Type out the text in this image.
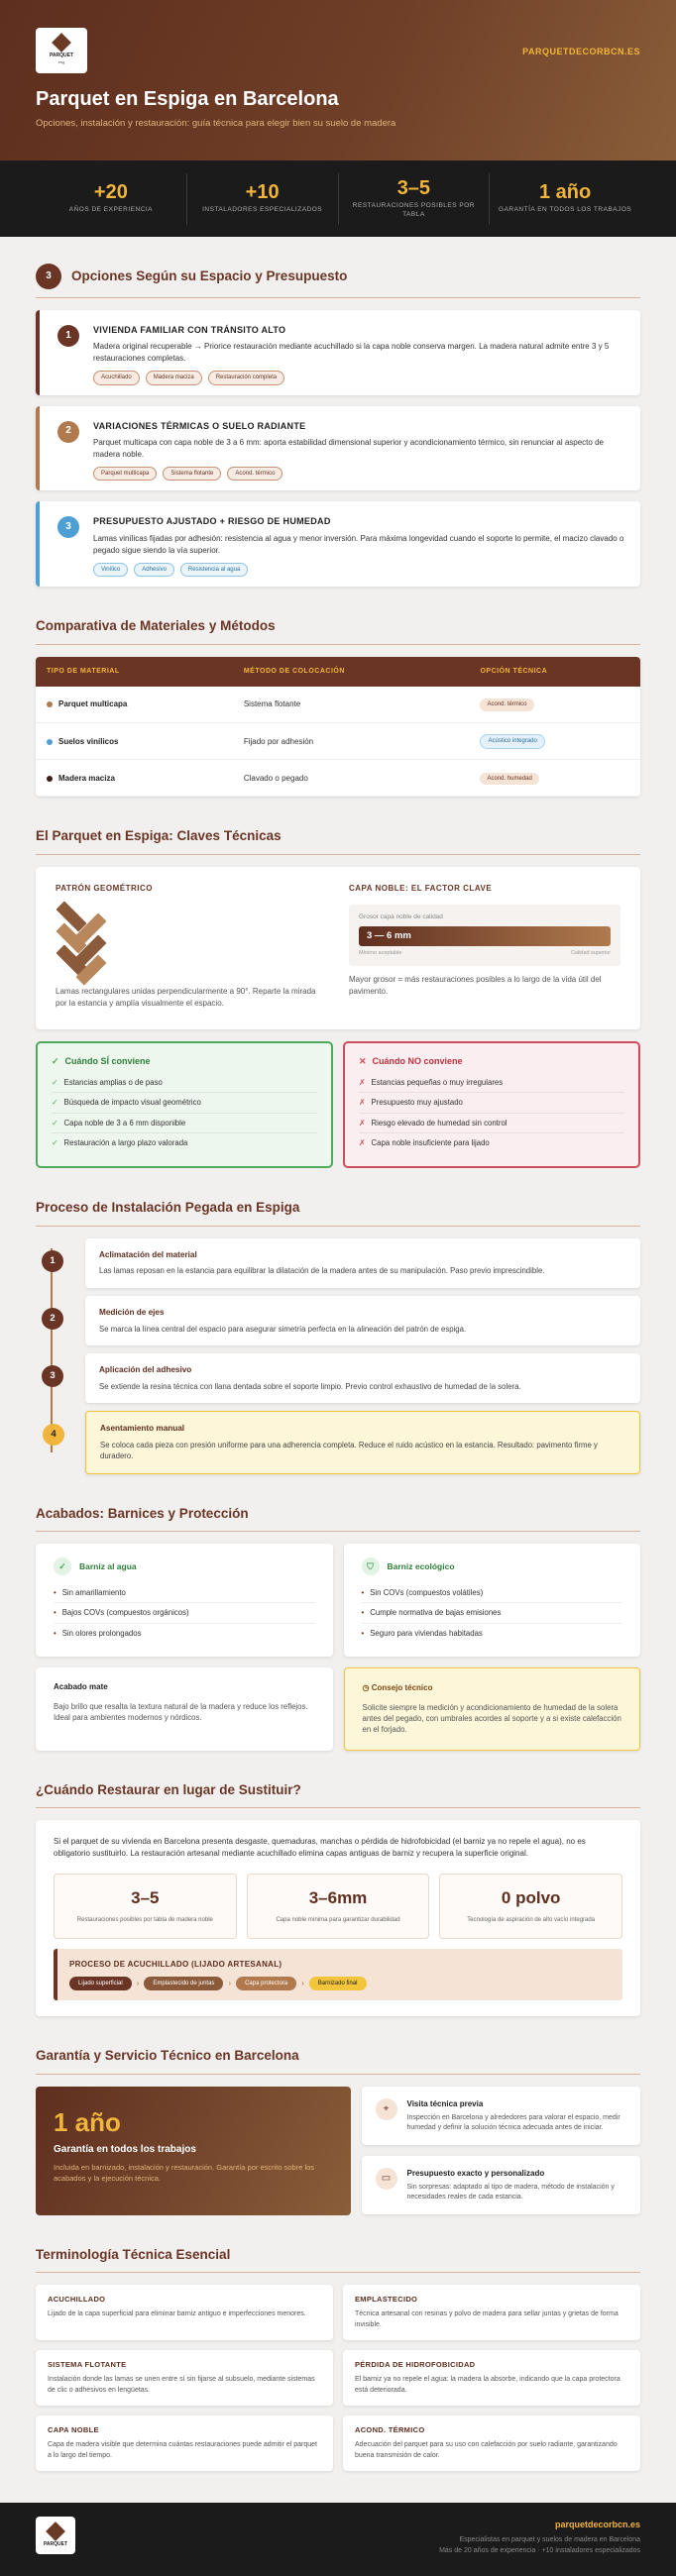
PARQUET
esg
PARQUETDECORBCN.ES
Parquet en Espiga en Barcelona

Opciones, instalación y restauración: guía técnica para elegir bien su suelo de madera

+20
AÑOS DE EXPERIENCIA
+10
INSTALADORES ESPECIALIZADOS
3–5
RESTAURACIONES POSIBLES POR TABLA
1 año
GARANTÍA EN TODOS LOS TRABAJOS
3	Opciones Según su Espacio y Presupuesto
1	VIVIENDA FAMILIAR CON TRÁNSITO ALTO
Madera original recuperable → Priorice restauración mediante acuchillado si la capa noble conserva margen. La madera natural admite entre 3 y 5 restauraciones completas.
Acuchillado	Madera maciza	Restauración completa
2	VARIACIONES TÉRMICAS O SUELO RADIANTE
Parquet multicapa con capa noble de 3 a 6 mm: aporta estabilidad dimensional superior y acondicionamiento térmico, sin renunciar al aspecto de madera noble.
Parquet multicapa	Sistema flotante	Acond. térmico
3	PRESUPUESTO AJUSTADO + RIESGO DE HUMEDAD
Lamas vinílicas fijadas por adhesión: resistencia al agua y menor inversión. Para máxima longevidad cuando el soporte lo permite, el macizo clavado o pegado sigue siendo la vía superior.
Vinílico	Adhesivo	Resistencia al agua
Comparativa de Materiales y Métodos
TIPO DE MATERIAL	MÉTODO DE COLOCACIÓN	OPCIÓN TÉCNICA
Parquet multicapa	Sistema flotante	Acond. térmico
Suelos vinílicos	Fijado por adhesión	Acústico integrado
Madera maciza	Clavado o pegado	Acond. humedad
El Parquet en Espiga: Claves Técnicas
PATRÓN GEOMÉTRICO
Lamas rectangulares unidas perpendicularmente a 90°. Reparte la mirada por la estancia y amplía visualmente el espacio.
CAPA NOBLE: EL FACTOR CLAVE
Grosor capa noble de calidad
3 — 6 mm
Mínimo aceptable	Calidad superior
Mayor grosor = más restauraciones posibles a lo largo de la vida útil del pavimento.
✓ Cuándo SÍ conviene
✓ Estancias amplias o de paso
✓ Búsqueda de impacto visual geométrico
✓ Capa noble de 3 a 6 mm disponible
✓ Restauración a largo plazo valorada
✕ Cuándo NO conviene
✗ Estancias pequeñas o muy irregulares
✗ Presupuesto muy ajustado
✗ Riesgo elevado de humedad sin control
✗ Capa noble insuficiente para lijado
Proceso de Instalación Pegada en Espiga
1
Aclimatación del material
Las lamas reposan en la estancia para equilibrar la dilatación de la madera antes de su manipulación. Paso previo imprescindible.
2
Medición de ejes
Se marca la línea central del espacio para asegurar simetría perfecta en la alineación del patrón de espiga.
3
Aplicación del adhesivo
Se extiende la resina técnica con llana dentada sobre el soporte limpio. Previo control exhaustivo de humedad de la solera.
4
Asentamiento manual
Se coloca cada pieza con presión uniforme para una adherencia completa. Reduce el ruido acústico en la estancia. Resultado: pavimento firme y duradero.
Acabados: Barnices y Protección
✓	Barniz al agua
• Sin amarillamiento
• Bajos COVs (compuestos orgánicos)
• Sin olores prolongados
⛉	Barniz ecológico
• Sin COVs (compuestos volátiles)
• Cumple normativa de bajas emisiones
• Seguro para viviendas habitadas
Acabado mate
Bajo brillo que resalta la textura natural de la madera y reduce los reflejos. Ideal para ambientes modernos y nórdicos.
◷ Consejo técnico
Solicite siempre la medición y acondicionamiento de humedad de la solera antes del pegado, con umbrales acordes al soporte y a si existe calefacción en el forjado.
¿Cuándo Restaurar en lugar de Sustituir?
Si el parquet de su vivienda en Barcelona presenta desgaste, quemaduras, manchas o pérdida de hidrofobicidad (el barniz ya no repele el agua), no es obligatorio sustituirlo. La restauración artesanal mediante acuchillado elimina capas antiguas de barniz y recupera la superficie original.
3–5
Restauraciones posibles por tabla de madera noble
3–6mm
Capa noble mínima para garantizar durabilidad
0 polvo
Tecnología de aspiración de alto vacío integrada
PROCESO DE ACUCHILLADO (LIJADO ARTESANAL)
Lijado superficial	›	Emplastecido de juntas	›	Capa protectora	›	Barnizado final
Garantía y Servicio Técnico en Barcelona
1 año
Garantía en todos los trabajos
Incluida en barnizado, instalación y restauración. Garantía por escrito sobre los acabados y la ejecución técnica.
⌖	Visita técnica previa
Inspección en Barcelona y alrededores para valorar el espacio, medir humedad y definir la solución técnica adecuada antes de iniciar.
▭	Presupuesto exacto y personalizado
Sin sorpresas: adaptado al tipo de madera, método de instalación y necesidades reales de cada estancia.
Terminología Técnica Esencial
ACUCHILLADO
Lijado de la capa superficial para eliminar barniz antiguo e imperfecciones menores.
EMPLASTECIDO
Técnica artesanal con resinas y polvo de madera para sellar juntas y grietas de forma invisible.
SISTEMA FLOTANTE
Instalación donde las lamas se unen entre sí sin fijarse al subsuelo, mediante sistemas de clic o adhesivos en lengüetas.
PÉRDIDA DE HIDROFOBICIDAD
El barniz ya no repele el agua: la madera la absorbe, indicando que la capa protectora está deteriorada.
CAPA NOBLE
Capa de madera visible que determina cuántas restauraciones puede admitir el parquet a lo largo del tiempo.
ACOND. TÉRMICO
Adecuación del parquet para su uso con calefacción por suelo radiante, garantizando buena transmisión de calor.
PARQUET
parquetdecorbcn.es
Especialistas en parquet y suelos de madera en Barcelona
Más de 20 años de experiencia · +10 instaladores especializados
